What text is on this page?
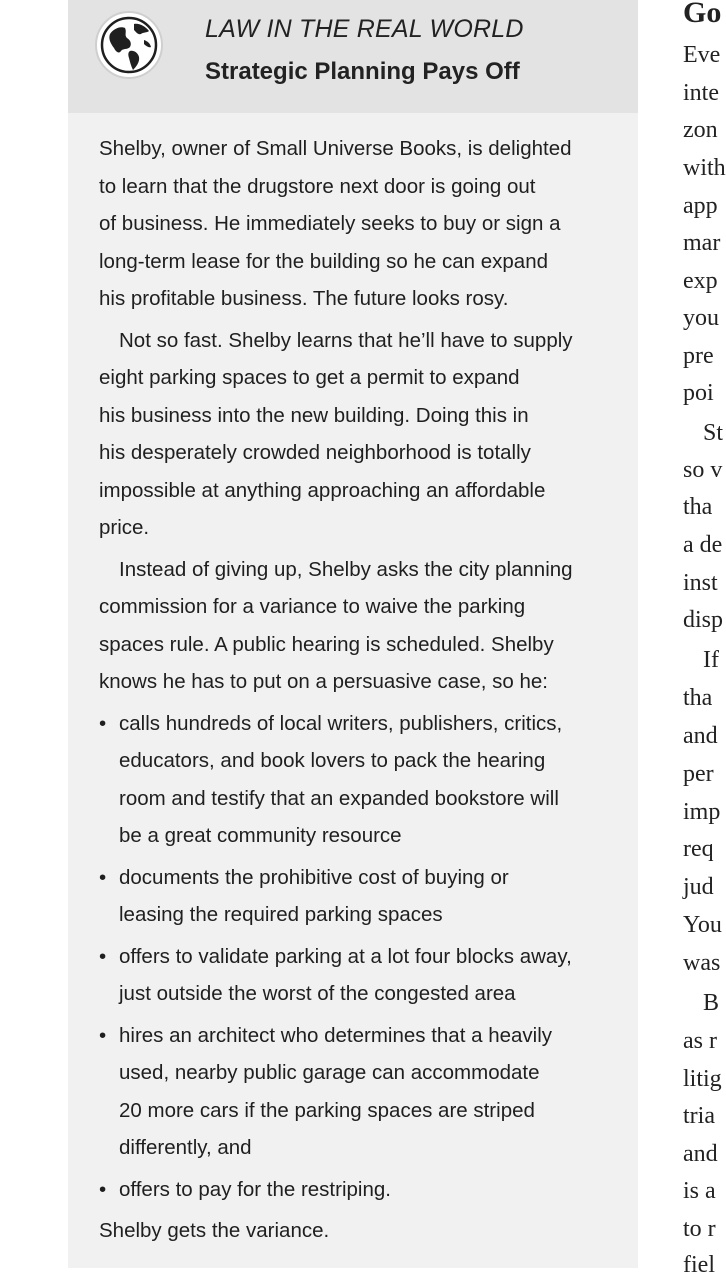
LAW IN THE REAL WORLD
Strategic Planning Pays Off

Shelby, owner of Small Universe Books, is delighted
to learn that the drugstore next door is going out
of business. He immediately seeks to buy or sign a
long-term lease for the building so he can expand
his profitable business. The future looks rosy.

Not so fast. Shelby learns that he’ll have to supply
eight parking spaces to get a permit to expand
his business into the new building. Doing this in
his desperately crowded neighborhood is totally
impossible at anything approaching an affordable
price.

Instead of giving up, Shelby asks the city planning
commission for a variance to waive the parking
spaces rule. A public hearing is scheduled. Shelby
knows he has to put on a persuasive case, so he:

• calls hundreds of local writers, publishers, critics,
educators, and book lovers to pack the hearing
room and testify that an expanded bookstore will
be a great community resource
• documents the prohibitive cost of buying or
leasing the required parking spaces
• offers to validate parking at a lot four blocks away,
just outside the worst of the congested area
• hires an architect who determines that a heavily
used, nearby public garage can accommodate
20 more cars if the parking spaces are striped
differently, and
• offers to pay for the restriping.

Shelby gets the variance.

Go
Eve
inte
zon
with
app
mar
exp
you
pre
poi
St
so v
tha
a de
inst
disp
If
tha
and
per
imp
req
jud
You
was
B
as r
litig
tria
and
is a
to r
fiel
